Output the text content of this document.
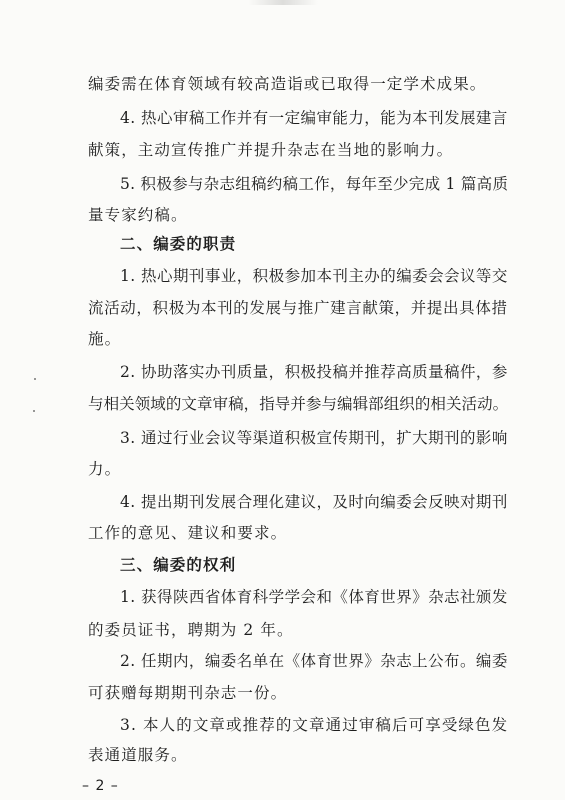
编委需在体育领域有较高造诣或已取得一定学术成果。
4. 热心审稿工作并有一定编审能力，能为本刊发展建言
献策，主动宣传推广并提升杂志在当地的影响力。
5. 积极参与杂志组稿约稿工作，每年至少完成 1 篇高质
量专家约稿。
二、编委的职责
1. 热心期刊事业，积极参加本刊主办的编委会会议等交
流活动，积极为本刊的发展与推广建言献策，并提出具体措
施。
2. 协助落实办刊质量，积极投稿并推荐高质量稿件，参
与相关领域的文章审稿，指导并参与编辑部组织的相关活动。
3. 通过行业会议等渠道积极宣传期刊，扩大期刊的影响
力。
4. 提出期刊发展合理化建议，及时向编委会反映对期刊
工作的意见、建议和要求。
三、编委的权利
1. 获得陕西省体育科学学会和《体育世界》杂志社颁发
的委员证书，聘期为 2 年。
2. 任期内，编委名单在《体育世界》杂志上公布。编委
可获赠每期期刊杂志一份。
3. 本人的文章或推荐的文章通过审稿后可享受绿色发
表通道服务。
– 2 –
